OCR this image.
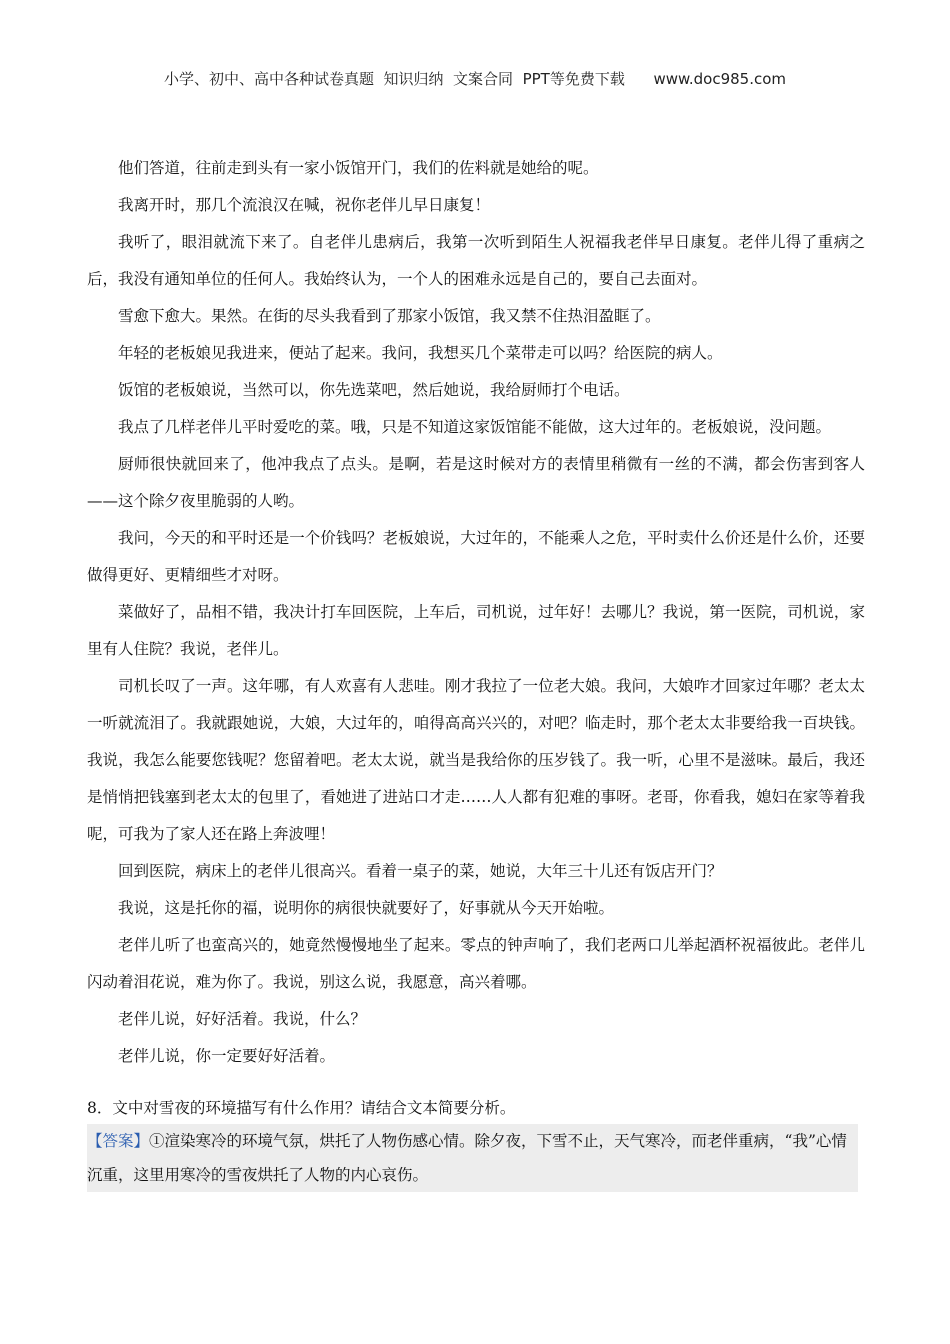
小学、初中、高中各种试卷真题  知识归纳  文案合同  PPT等免费下载      www.doc985.com

他们答道，往前走到头有一家小饭馆开门，我们的佐料就是她给的呢。

我离开时，那几个流浪汉在喊，祝你老伴儿早日康复！

我听了，眼泪就流下来了。自老伴儿患病后，我第一次听到陌生人祝福我老伴早日康复。老伴儿得了重病之后，我没有通知单位的任何人。我始终认为，一个人的困难永远是自己的，要自己去面对。

雪愈下愈大。果然。在街的尽头我看到了那家小饭馆，我又禁不住热泪盈眶了。

年轻的老板娘见我进来，便站了起来。我问，我想买几个菜带走可以吗？给医院的病人。

饭馆的老板娘说，当然可以，你先选菜吧，然后她说，我给厨师打个电话。

我点了几样老伴儿平时爱吃的菜。哦，只是不知道这家饭馆能不能做，这大过年的。老板娘说，没问题。

厨师很快就回来了，他冲我点了点头。是啊，若是这时候对方的表情里稍微有一丝的不满，都会伤害到客人——这个除夕夜里脆弱的人哟。

我问，今天的和平时还是一个价钱吗？老板娘说，大过年的，不能乘人之危，平时卖什么价还是什么价，还要做得更好、更精细些才对呀。

菜做好了，品相不错，我决计打车回医院，上车后，司机说，过年好！去哪儿？我说，第一医院，司机说，家里有人住院？我说，老伴儿。

司机长叹了一声。这年哪，有人欢喜有人悲哇。刚才我拉了一位老大娘。我问，大娘咋才回家过年哪？老太太一听就流泪了。我就跟她说，大娘，大过年的，咱得高高兴兴的，对吧？临走时，那个老太太非要给我一百块钱。我说，我怎么能要您钱呢？您留着吧。老太太说，就当是我给你的压岁钱了。我一听，心里不是滋味。最后，我还是悄悄把钱塞到老太太的包里了，看她进了进站口才走……人人都有犯难的事呀。老哥，你看我，媳妇在家等着我呢，可我为了家人还在路上奔波哩！

回到医院，病床上的老伴儿很高兴。看着一桌子的菜，她说，大年三十儿还有饭店开门？

我说，这是托你的福，说明你的病很快就要好了，好事就从今天开始啦。

老伴儿听了也蛮高兴的，她竟然慢慢地坐了起来。零点的钟声响了，我们老两口儿举起酒杯祝福彼此。老伴儿闪动着泪花说，难为你了。我说，别这么说，我愿意，高兴着哪。

老伴儿说，好好活着。我说，什么？

老伴儿说，你一定要好好活着。

8．文中对雪夜的环境描写有什么作用？请结合文本简要分析。
【答案】①渲染寒冷的环境气氛，烘托了人物伤感心情。除夕夜，下雪不止，天气寒冷，而老伴重病，“我”心情沉重，这里用寒冷的雪夜烘托了人物的内心哀伤。
